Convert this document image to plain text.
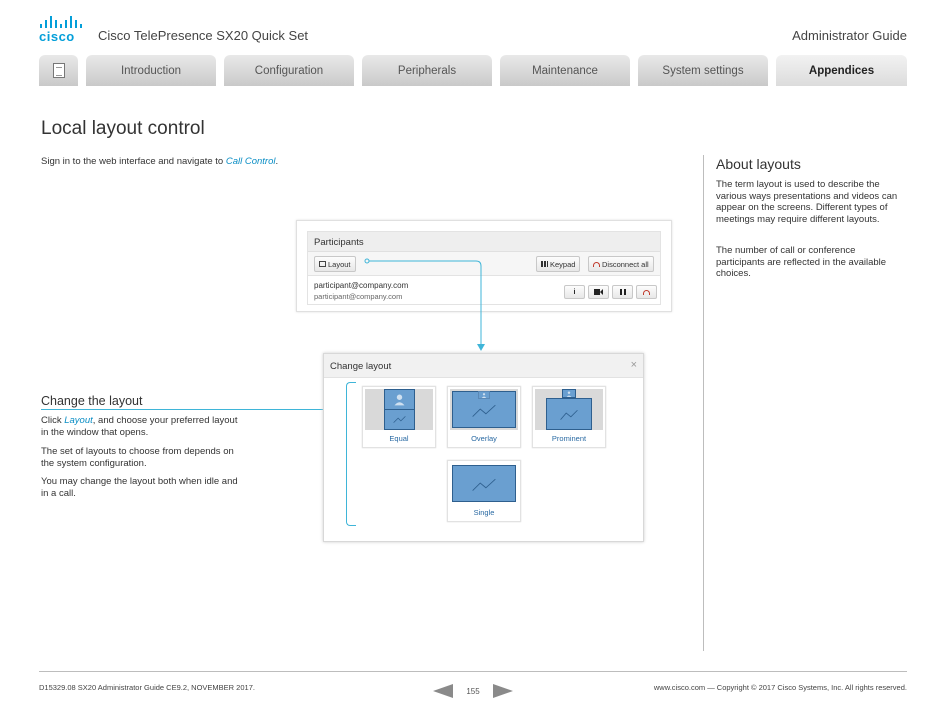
cisco	Cisco TelePresence SX20 Quick Set	Administrator Guide
Introduction	Configuration	Peripherals	Maintenance	System settings	Appendices
Local layout control
Sign in to the web interface and navigate to Call Control.
Change the layout
Click Layout, and choose your preferred layout in the window that opens.
The set of layouts to choose from depends on the system configuration.
You may change the layout both when idle and in a call.
About layouts
The term layout is used to describe the various ways presentations and videos can appear on the screens. Different types of meetings may require different layouts.
The number of call or conference participants are reflected in the available choices.
Participants
Layout	Keypad	Disconnect all
participant@company.com
participant@company.com	i
Change layout	×
Equal	Overlay	Prominent
Single
D15329.08 SX20 Administrator Guide CE9.2, NOVEMBER 2017.	155	www.cisco.com — Copyright © 2017 Cisco Systems, Inc. All rights reserved.
